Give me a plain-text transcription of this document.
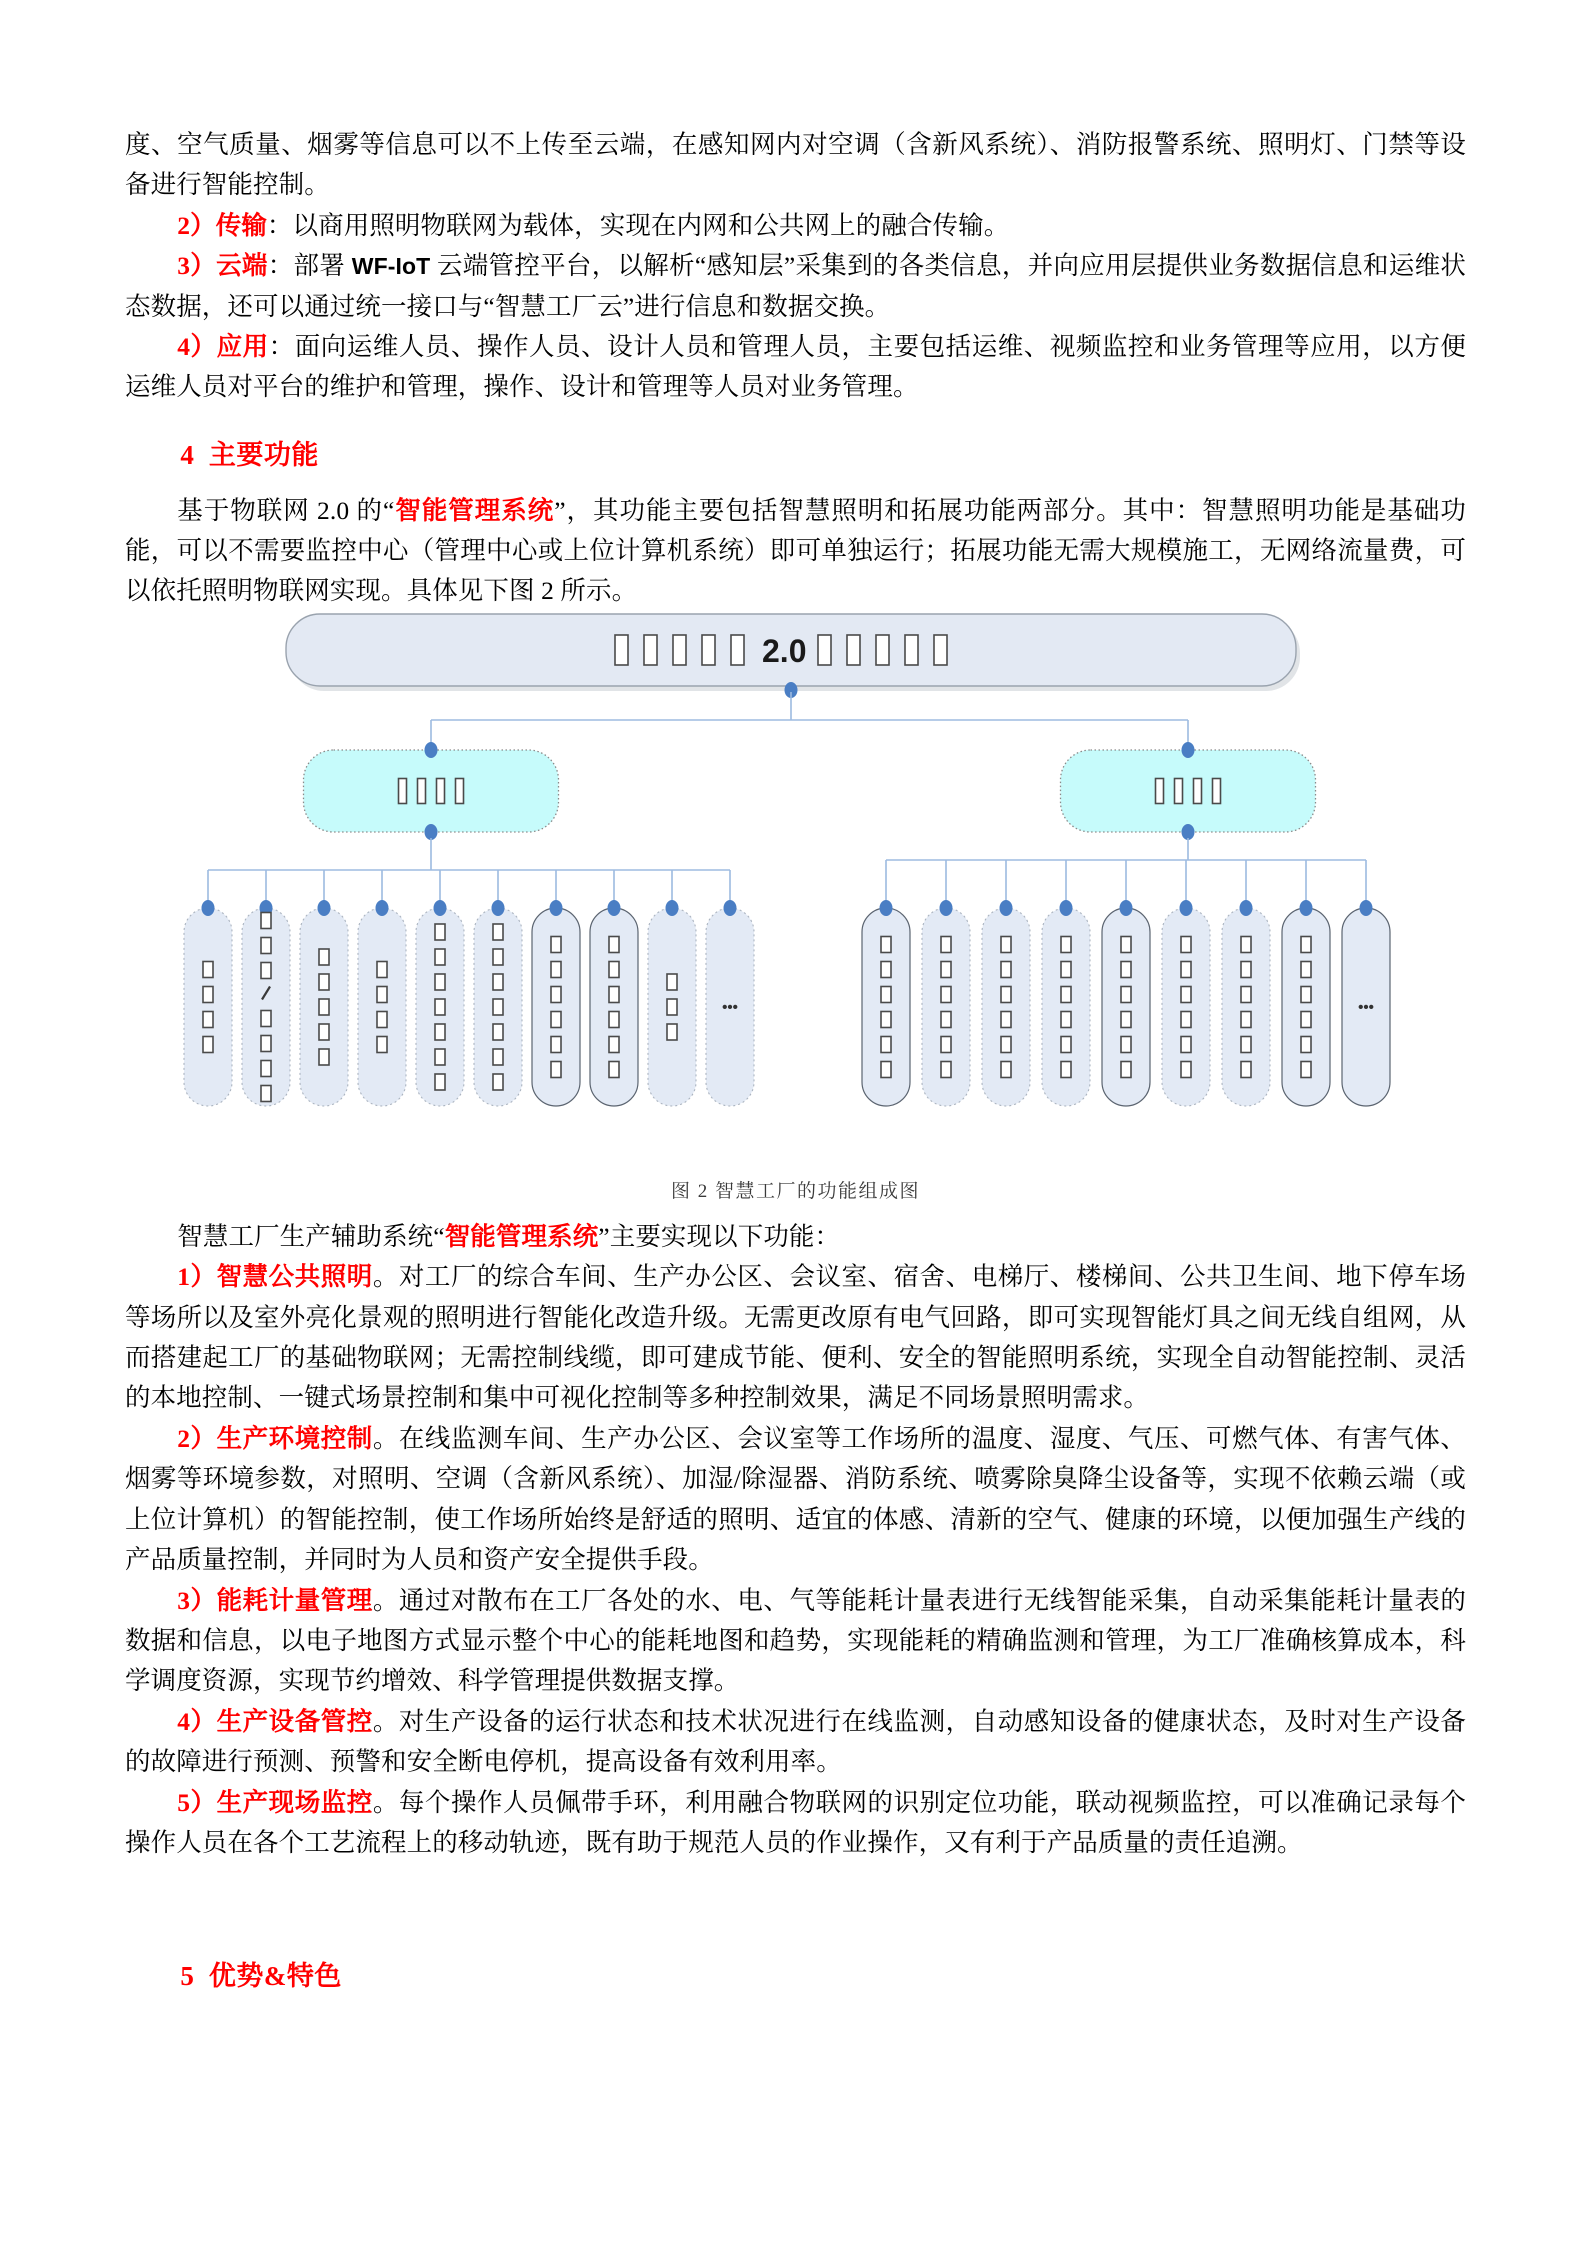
度、空气质量、烟雾等信息可以不上传至云端，在感知网内对空调（含新风系统）、消防报警系统、照明灯、门禁等设备进行智能控制。

2）传输：以商用照明物联网为载体，实现在内网和公共网上的融合传输。

3）云端：部署 WF-IoT 云端管控平台，以解析“感知层”采集到的各类信息，并向应用层提供业务数据信息和运维状态数据，还可以通过统一接口与“智慧工厂云”进行信息和数据交换。

4）应用：面向运维人员、操作人员、设计人员和管理人员，主要包括运维、视频监控和业务管理等应用，以方便运维人员对平台的维护和管理，操作、设计和管理等人员对业务管理。

4 主要功能

基于物联网 2.0 的“智能管理系统”，其功能主要包括智慧照明和拓展功能两部分。其中：智慧照明功能是基础功能，可以不需要监控中心（管理中心或上位计算机系统）即可单独运行；拓展功能无需大规模施工，无网络流量费，可以依托照明物联网实现。具体见下图 2 所示。

2.0
•••	•••

图 2 智慧工厂的功能组成图

智慧工厂生产辅助系统“智能管理系统”主要实现以下功能：

1）智慧公共照明。对工厂的综合车间、生产办公区、会议室、宿舍、电梯厅、楼梯间、公共卫生间、地下停车场等场所以及室外亮化景观的照明进行智能化改造升级。无需更改原有电气回路，即可实现智能灯具之间无线自组网，从而搭建起工厂的基础物联网；无需控制线缆，即可建成节能、便利、安全的智能照明系统，实现全自动智能控制、灵活的本地控制、一键式场景控制和集中可视化控制等多种控制效果，满足不同场景照明需求。

2）生产环境控制。在线监测车间、生产办公区、会议室等工作场所的温度、湿度、气压、可燃气体、有害气体、烟雾等环境参数，对照明、空调（含新风系统）、加湿/除湿器、消防系统、喷雾除臭降尘设备等，实现不依赖云端（或上位计算机）的智能控制，使工作场所始终是舒适的照明、适宜的体感、清新的空气、健康的环境，以便加强生产线的产品质量控制，并同时为人员和资产安全提供手段。

3）能耗计量管理。通过对散布在工厂各处的水、电、气等能耗计量表进行无线智能采集，自动采集能耗计量表的数据和信息，以电子地图方式显示整个中心的能耗地图和趋势，实现能耗的精确监测和管理，为工厂准确核算成本，科学调度资源，实现节约增效、科学管理提供数据支撑。

4）生产设备管控。对生产设备的运行状态和技术状况进行在线监测，自动感知设备的健康状态，及时对生产设备的故障进行预测、预警和安全断电停机，提高设备有效利用率。

5）生产现场监控。每个操作人员佩带手环，利用融合物联网的识别定位功能，联动视频监控，可以准确记录每个操作人员在各个工艺流程上的移动轨迹，既有助于规范人员的作业操作，又有利于产品质量的责任追溯。

5 优势&特色
